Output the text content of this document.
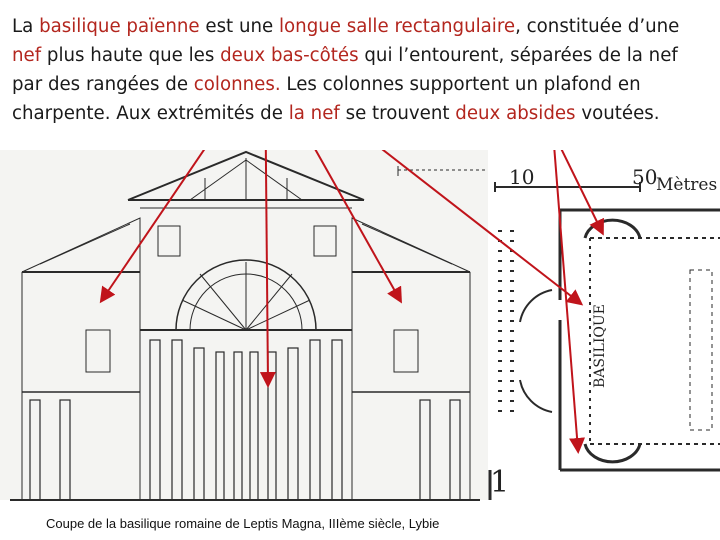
La basilique païenne est une longue salle rectangulaire, constituée d’une
nef plus haute que les deux bas-côtés qui l’entourent, séparées de la nef
par des rangées de colonnes. Les colonnes supportent un plafond en
charpente. Aux extrémités de la nef se trouvent deux absides voutées.
10	50
Mètres
1
BASILIQUE
Coupe de la basilique romaine de Leptis Magna, IIIème siècle, Lybie
